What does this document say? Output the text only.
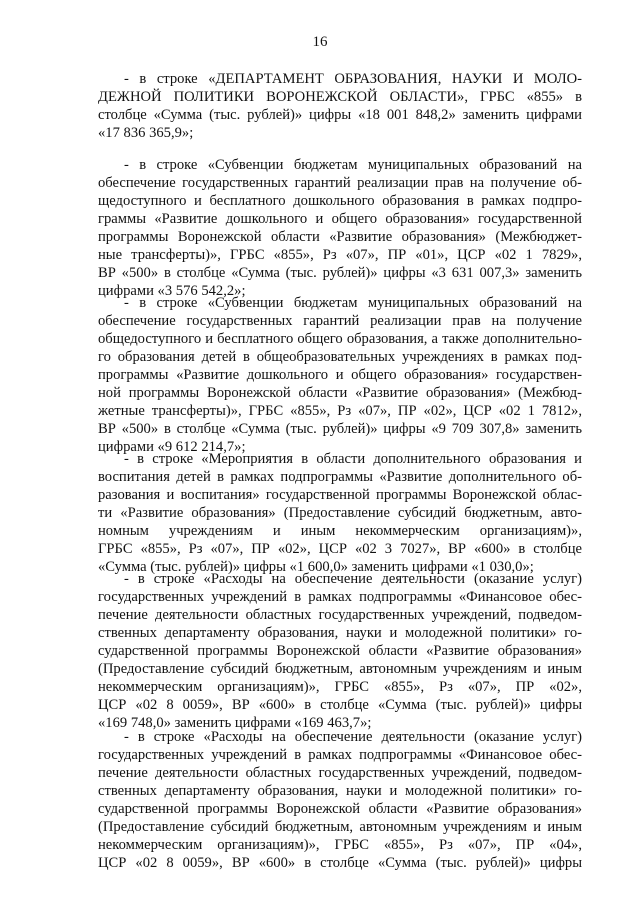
16
- в строке «ДЕПАРТАМЕНТ ОБРАЗОВАНИЯ, НАУКИ И МОЛО-
ДЕЖНОЙ ПОЛИТИКИ ВОРОНЕЖСКОЙ ОБЛАСТИ», ГРБС «855» в
столбце «Сумма (тыс. рублей)» цифры «18 001 848,2» заменить цифрами
«17 836 365,9»;
- в строке «Субвенции бюджетам муниципальных образований на
обеспечение государственных гарантий реализации прав на получение об-
щедоступного и бесплатного дошкольного образования в рамках подпро-
граммы «Развитие дошкольного и общего образования» государственной
программы Воронежской области «Развитие образования» (Межбюджет-
ные трансферты)», ГРБС «855», Рз «07», ПР «01», ЦСР «02 1 7829»,
ВР «500» в столбце «Сумма (тыс. рублей)» цифры «3 631 007,3» заменить
цифрами «3 576 542,2»;
- в строке «Субвенции бюджетам муниципальных образований на
обеспечение государственных гарантий реализации прав на получение
общедоступного и бесплатного общего образования, а также дополнительно-
го образования детей в общеобразовательных учреждениях в рамках под-
программы «Развитие дошкольного и общего образования» государствен-
ной программы Воронежской области «Развитие образования» (Межбюд-
жетные трансферты)», ГРБС «855», Рз «07», ПР «02», ЦСР «02 1 7812»,
ВР «500» в столбце «Сумма (тыс. рублей)» цифры «9 709 307,8» заменить
цифрами «9 612 214,7»;
- в строке «Мероприятия в области дополнительного образования и
воспитания детей в рамках подпрограммы «Развитие дополнительного об-
разования и воспитания» государственной программы Воронежской облас-
ти «Развитие образования» (Предоставление субсидий бюджетным, авто-
номным учреждениям и иным некоммерческим организациям)»,
ГРБС «855», Рз «07», ПР «02», ЦСР «02 3 7027», ВР «600» в столбце
«Сумма (тыс. рублей)» цифры «1 600,0» заменить цифрами «1 030,0»;
- в строке «Расходы на обеспечение деятельности (оказание услуг)
государственных учреждений в рамках подпрограммы «Финансовое обес-
печение деятельности областных государственных учреждений, подведом-
ственных департаменту образования, науки и молодежной политики» го-
сударственной программы Воронежской области «Развитие образования»
(Предоставление субсидий бюджетным, автономным учреждениям и иным
некоммерческим организациям)», ГРБС «855», Рз «07», ПР «02»,
ЦСР «02 8 0059», ВР «600» в столбце «Сумма (тыс. рублей)» цифры
«169 748,0» заменить цифрами «169 463,7»;
- в строке «Расходы на обеспечение деятельности (оказание услуг)
государственных учреждений в рамках подпрограммы «Финансовое обес-
печение деятельности областных государственных учреждений, подведом-
ственных департаменту образования, науки и молодежной политики» го-
сударственной программы Воронежской области «Развитие образования»
(Предоставление субсидий бюджетным, автономным учреждениям и иным
некоммерческим организациям)», ГРБС «855», Рз «07», ПР «04»,
ЦСР «02 8 0059», ВР «600» в столбце «Сумма (тыс. рублей)» цифры
